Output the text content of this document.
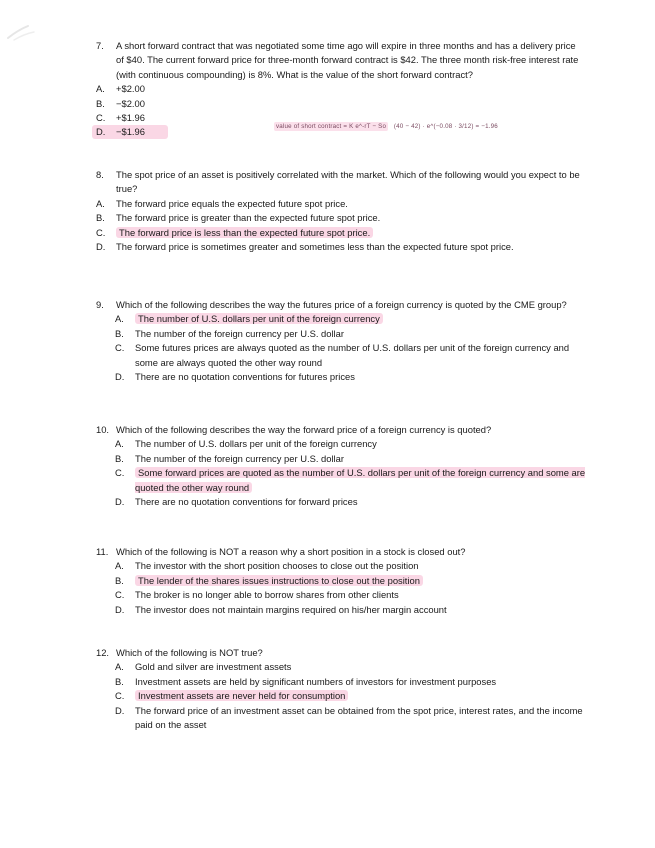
7. A short forward contract that was negotiated some time ago will expire in three months and has a delivery price of $40. The current forward price for three-month forward contract is $42. The three month risk-free interest rate (with continuous compounding) is 8%. What is the value of the short forward contract?
A. +$2.00
B. −$2.00
C. +$1.96
D. −$1.96	value of short contract = K e^-rT − So (40 − 42) · e^(−0.08 · 3/12) = −1.96
8. The spot price of an asset is positively correlated with the market. Which of the following would you expect to be true?
A. The forward price equals the expected future spot price.
B. The forward price is greater than the expected future spot price.
C. The forward price is less than the expected future spot price.
D. The forward price is sometimes greater and sometimes less than the expected future spot price.
9. Which of the following describes the way the futures price of a foreign currency is quoted by the CME group?
A. The number of U.S. dollars per unit of the foreign currency
B. The number of the foreign currency per U.S. dollar
C. Some futures prices are always quoted as the number of U.S. dollars per unit of the foreign currency and some are always quoted the other way round
D. There are no quotation conventions for futures prices
10. Which of the following describes the way the forward price of a foreign currency is quoted?
A. The number of U.S. dollars per unit of the foreign currency
B. The number of the foreign currency per U.S. dollar
C. Some forward prices are quoted as the number of U.S. dollars per unit of the foreign currency and some are quoted the other way round
D. There are no quotation conventions for forward prices
11. Which of the following is NOT a reason why a short position in a stock is closed out?
A. The investor with the short position chooses to close out the position
B. The lender of the shares issues instructions to close out the position
C. The broker is no longer able to borrow shares from other clients
D. The investor does not maintain margins required on his/her margin account
12. Which of the following is NOT true?
A. Gold and silver are investment assets
B. Investment assets are held by significant numbers of investors for investment purposes
C. Investment assets are never held for consumption
D. The forward price of an investment asset can be obtained from the spot price, interest rates, and the income paid on the asset
